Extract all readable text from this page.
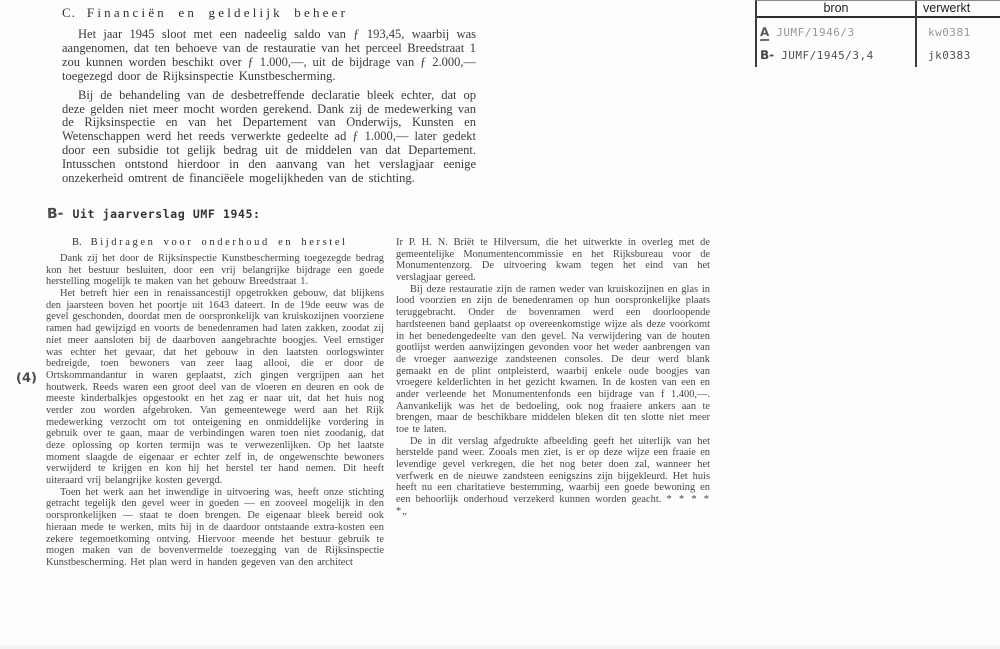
C. Financiën en geldelijk beheer

Het jaar 1945 sloot met een nadeelig saldo van ƒ 193,45, waarbij was aangenomen, dat ten behoeve van de restauratie van het perceel Breedstraat 1 zou kunnen worden beschikt over ƒ 1.000,—, uit de bijdrage van ƒ 2.000,— toegezegd door de Rijksinspectie Kunstbescherming.

Bij de behandeling van de desbetreffende declaratie bleek echter, dat op deze gelden niet meer mocht worden gerekend. Dank zij de medewerking van de Rijksinspectie en van het Departement van Onderwijs, Kunsten en Wetenschappen werd het reeds verwerkte gedeelte ad ƒ 1.000,— later gedekt door een subsidie tot gelijk bedrag uit de middelen van dat Departement. Intusschen ontstond hierdoor in den aanvang van het verslagjaar eenige onzekerheid omtrent de financiëele mogelijkheden van de stichting.

B- Uit jaarverslag UMF 1945:
(4)
B. Bijdragen voor onderhoud en herstel

Dank zij het door de Rijksinspectie Kunstbescherming toegezegde bedrag kon het bestuur besluiten, door een vrij belangrijke bijdrage een goede herstelling mogelijk te maken van het gebouw Breedstraat 1.

Het betreft hier een in renaissancestijl opgetrokken gebouw, dat blijkens den jaarsteen boven het poortje uit 1643 dateert. In de 19de eeuw was de gevel geschonden, doordat men de oorspronkelijk van kruiskozijnen voorziene ramen had gewijzigd en voorts de benedenramen had laten zakken, zoodat zij niet meer aansloten bij de daarboven aangebrachte boogjes. Veel ernstiger was echter het gevaar, dat het gebouw in den laatsten oorlogswinter bedreigde, toen bewoners van zeer laag allooi, die er door de Ortskommandantur in waren geplaatst, zich gingen vergrijpen aan het houtwerk. Reeds waren een groot deel van de vloeren en deuren en ook de meeste kinderbalkjes opgestookt en het zag er naar uit, dat het huis nog verder zou worden afgebroken. Van gemeentewege werd aan het Rijk medewerking verzocht om tot onteigening en onmiddelijke vordering in gebruik over te gaan, maar de verbindingen waren toen niet zoodanig, dat deze oplossing op korten termijn was te verwezenlijken. Op het laatste moment slaagde de eigenaar er echter zelf in, de ongewenschte bewoners verwijderd te krijgen en kon hij het herstel ter hand nemen. Dit heeft uiteraard vrij belangrijke kosten gevergd.

Toen het werk aan het inwendige in uitvoering was, heeft onze stichting getracht tegelijk den gevel weer in goeden — en zooveel mogelijk in den oorspronkelijken — staat te doen brengen. De eigenaar bleek bereid ook hieraan mede te werken, mits hij in de daardoor ontstaande extra-kosten een zekere tegemoetkoming ontving. Hiervoor meende het bestuur gebruik te mogen maken van de bovenvermelde toezegging van de Rijksinspectie Kunstbescherming. Het plan werd in handen gegeven van den architect

Ir P. H. N. Briët te Hilversum, die het uitwerkte in overleg met de gemeentelijke Monumentencommissie en het Rijksbureau voor de Monumentenzorg. De uitvoering kwam tegen het eind van het verslagjaar gereed.

Bij deze restauratie zijn de ramen weder van kruiskozijnen en glas in lood voorzien en zijn de benedenramen op hun oorspronkelijke plaats teruggebracht. Onder de bovenramen werd een doorloopende hardsteenen band geplaatst op overeenkomstige wijze als deze voorkomt in het benedengedeelte van den gevel. Na verwijdering van de houten gootlijst werden aanwijzingen gevonden voor het weder aanbrengen van de vroeger aanwezige zandsteenen consoles. De deur werd blank gemaakt en de plint ontpleisterd, waarbij enkele oude boogjes van vroegere kelderlichten in het gezicht kwamen. In de kosten van een en ander verleende het Monumentenfonds een bijdrage van f 1.400,—. Aanvankelijk was het de bedoeling, ook nog fraaiere ankers aan te brengen, maar de beschikbare middelen bleken dit ten slotte niet meer toe te laten.

De in dit verslag afgedrukte afbeelding geeft het uiterlijk van het herstelde pand weer. Zooals men ziet, is er op deze wijze een fraaie en levendige gevel verkregen, die het nog beter doen zal, wanneer het verfwerk en de nieuwe zandsteen eenigszins zijn bijgekleurd. Het huis heeft nu een charitatieve bestemming, waarbij een goede bewoning en een behoorlijk onderhoud verzekerd kunnen worden geacht. * * * * *„

bron	verwerkt
A JUMF/1946/3	kw0381
B- JUMF/1945/3,4	jk0383
